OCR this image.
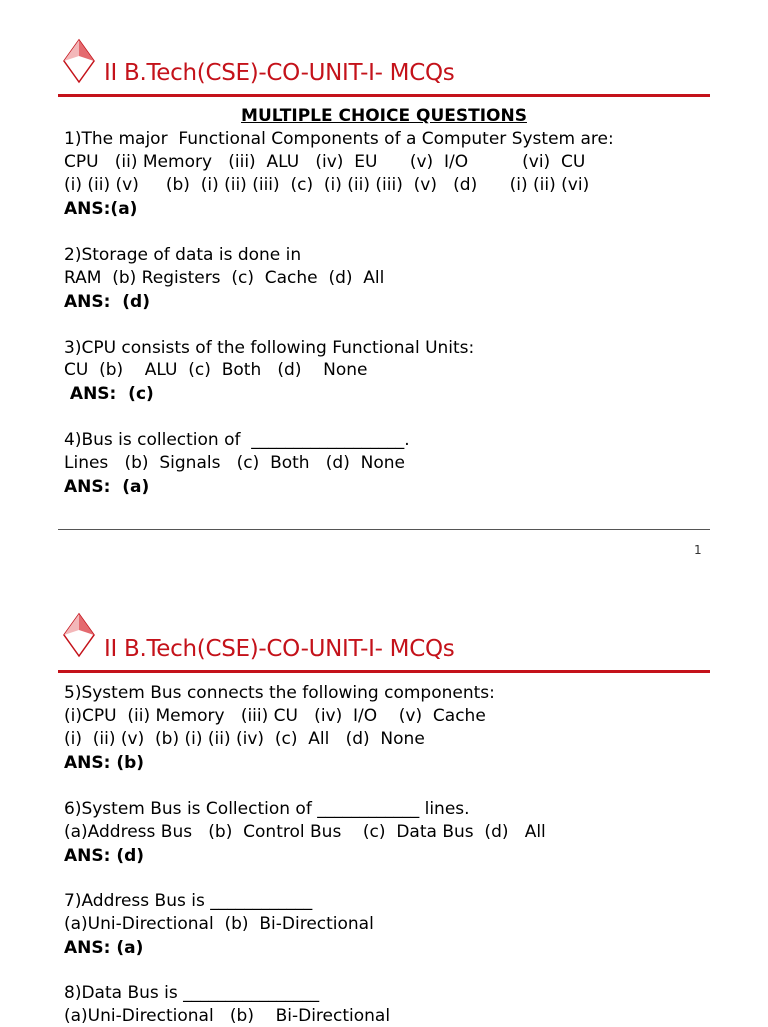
II B.Tech(CSE)-CO-UNIT-I- MCQs
MULTIPLE CHOICE QUESTIONS
1)The major  Functional Components of a Computer System are:
CPU   (ii) Memory   (iii)  ALU   (iv)  EU      (v)  I/O          (vi)  CU
(i) (ii) (v)     (b)  (i) (ii) (iii)  (c)  (i) (ii) (iii)  (v)   (d)      (i) (ii) (vi)
ANS:(a)
2)Storage of data is done in
RAM  (b) Registers  (c)  Cache  (d)  All
ANS:  (d)
3)CPU consists of the following Functional Units:
CU  (b)    ALU  (c)  Both   (d)    None
ANS:  (c)
4)Bus is collection of  __________________.
Lines   (b)  Signals   (c)  Both   (d)  None
ANS:  (a)
1
II B.Tech(CSE)-CO-UNIT-I- MCQs
5)System Bus connects the following components:
(i)CPU  (ii) Memory   (iii) CU   (iv)  I/O    (v)  Cache
(i)  (ii) (v)  (b) (i) (ii) (iv)  (c)  All   (d)  None
ANS: (b)
6)System Bus is Collection of ____________ lines.
(a)Address Bus   (b)  Control Bus    (c)  Data Bus  (d)   All
ANS: (d)
7)Address Bus is ____________
(a)Uni-Directional  (b)  Bi-Directional
ANS: (a)
8)Data Bus is ________________
(a)Uni-Directional   (b)    Bi-Directional
